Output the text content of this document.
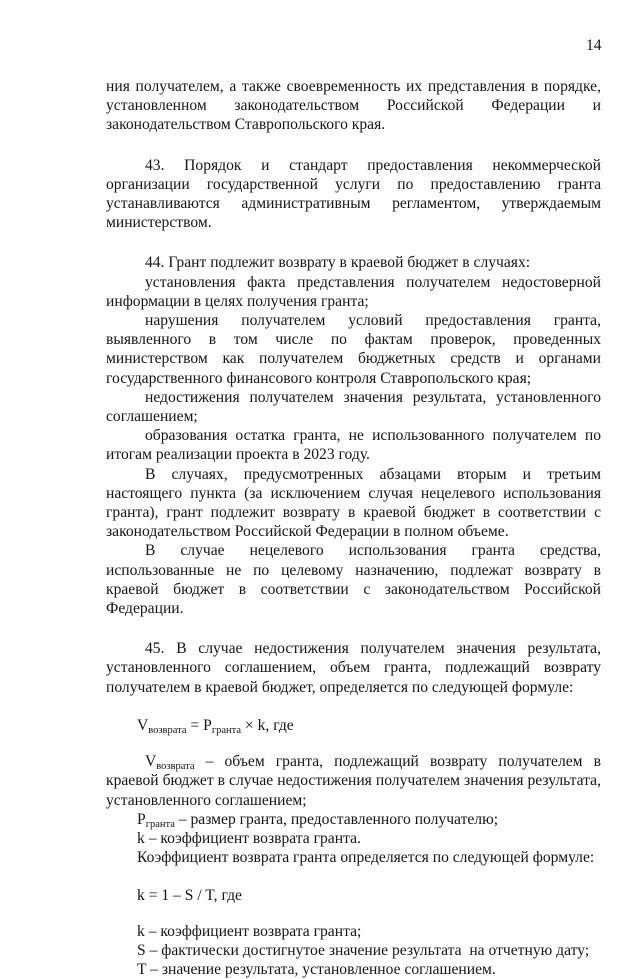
14

ния получателем, а также своевременность их представления в порядке, установленном законодательством Российской Федерации и законодательством Ставропольского края.

43. Порядок и стандарт предоставления некоммерческой организации государственной услуги по предоставлению гранта устанавливаются административным регламентом, утверждаемым министерством.

44. Грант подлежит возврату в краевой бюджет в случаях:

установления факта представления получателем недостоверной информации в целях получения гранта;

нарушения получателем условий предоставления гранта, выявленного в том числе по фактам проверок, проведенных министерством как получателем бюджетных средств и органами государственного финансового контроля Ставропольского края;

недостижения получателем значения результата, установленного соглашением;

образования остатка гранта, не использованного получателем по итогам реализации проекта в 2023 году.

В случаях, предусмотренных абзацами вторым и третьим настоящего пункта (за исключением случая нецелевого использования гранта), грант подлежит возврату в краевой бюджет в соответствии с законодательством Российской Федерации в полном объеме.

В случае нецелевого использования гранта средства, использованные не по целевому назначению, подлежат возврату в краевой бюджет в соответствии с законодательством Российской Федерации.

45. В случае недостижения получателем значения результата, установленного соглашением, объем гранта, подлежащий возврату получателем в краевой бюджет, определяется по следующей формуле:

$V_{возврата} = P_{гранта} \times k$, где

$V_{возврата}$ – объем гранта, подлежащий возврату получателем в краевой бюджет в случае недостижения получателем значения результата, установленного соглашением;

$P_{гранта}$ – размер гранта, предоставленного получателю;

k – коэффициент возврата гранта.

Коэффициент возврата гранта определяется по следующей формуле:

k = 1 – S / T, где

k – коэффициент возврата гранта;

S – фактически достигнутое значение результата  на отчетную дату;

T – значение результата, установленное соглашением.
